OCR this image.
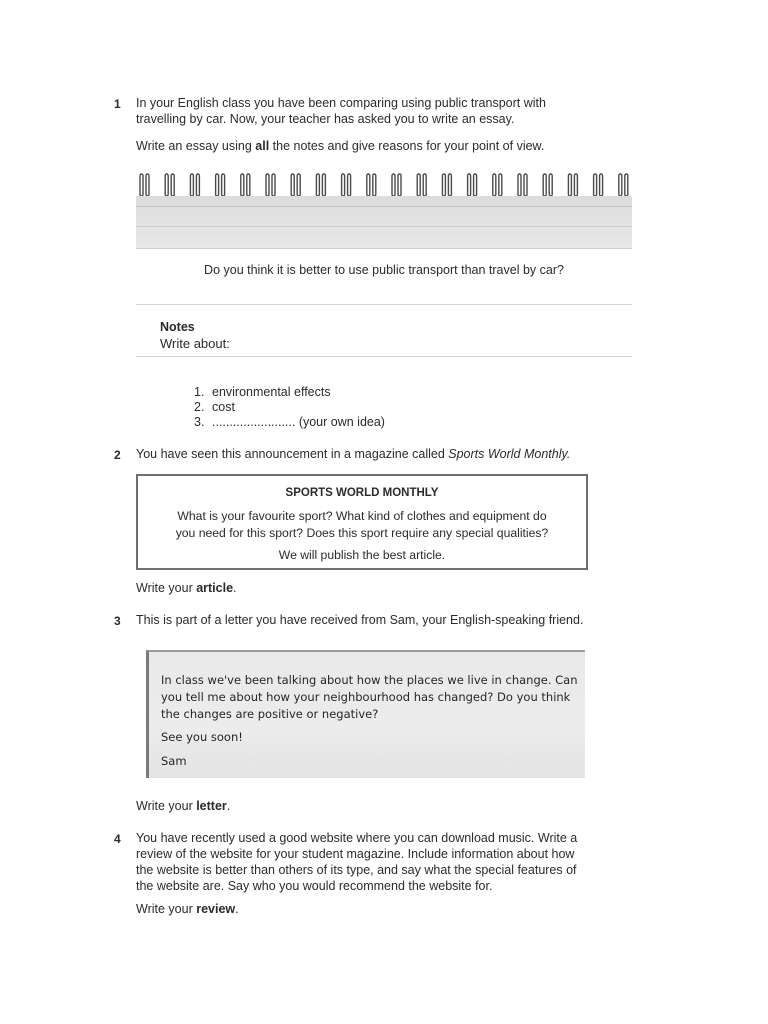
1 In your English class you have been comparing using public transport with
travelling by car. Now, your teacher has asked you to write an essay.
Write an essay using all the notes and give reasons for your point of view.
Do you think it is better to use public transport than travel by car?
Notes
Write about:
1. environmental effects
2. cost
3. ........................ (your own idea)
2 You have seen this announcement in a magazine called Sports World Monthly.
SPORTS WORLD MONTHLY
What is your favourite sport? What kind of clothes and equipment do
you need for this sport? Does this sport require any special qualities?
We will publish the best article.
Write your article.
3 This is part of a letter you have received from Sam, your English-speaking friend.
In class we've been talking about how the places we live in change. Can
you tell me about how your neighbourhood has changed? Do you think
the changes are positive or negative?
See you soon!
Sam
Write your letter.
4 You have recently used a good website where you can download music. Write a
review of the website for your student magazine. Include information about how
the website is better than others of its type, and say what the special features of
the website are. Say who you would recommend the website for.
Write your review.
